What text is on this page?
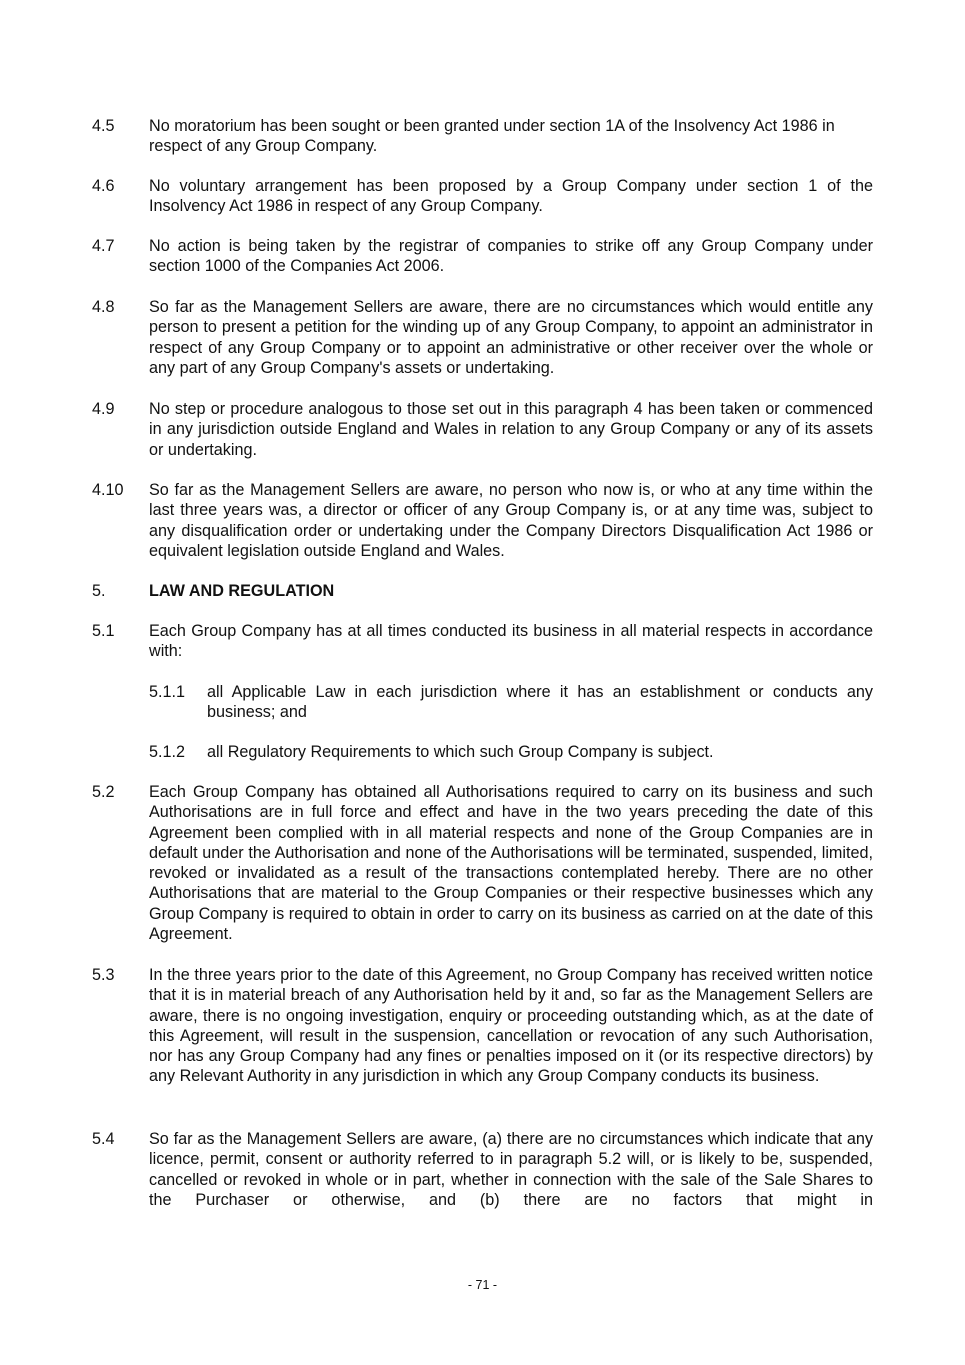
4.5	No moratorium has been sought or been granted under section 1A of the Insolvency Act 1986 in respect of any Group Company.
4.6	No voluntary arrangement has been proposed by a Group Company under section 1 of the Insolvency Act 1986 in respect of any Group Company.
4.7	No action is being taken by the registrar of companies to strike off any Group Company under section 1000 of the Companies Act 2006.
4.8	So far as the Management Sellers are aware, there are no circumstances which would entitle any person to present a petition for the winding up of any Group Company, to appoint an administrator in respect of any Group Company or to appoint an administrative or other receiver over the whole or any part of any Group Company's assets or undertaking.
4.9	No step or procedure analogous to those set out in this paragraph 4 has been taken or commenced in any jurisdiction outside England and Wales in relation to any Group Company or any of its assets or undertaking.
4.10	So far as the Management Sellers are aware, no person who now is, or who at any time within the last three years was, a director or officer of any Group Company is, or at any time was, subject to any disqualification order or undertaking under the Company Directors Disqualification Act 1986 or equivalent legislation outside England and Wales.
5.	LAW AND REGULATION
5.1	Each Group Company has at all times conducted its business in all material respects in accordance with:
5.1.1	all Applicable Law in each jurisdiction where it has an establishment or conducts any business; and
5.1.2	all Regulatory Requirements to which such Group Company is subject.
5.2	Each Group Company has obtained all Authorisations required to carry on its business and such Authorisations are in full force and effect and have in the two years preceding the date of this Agreement been complied with in all material respects and none of the Group Companies are in default under the Authorisation and none of the Authorisations will be terminated, suspended, limited, revoked or invalidated as a result of the transactions contemplated hereby. There are no other Authorisations that are material to the Group Companies or their respective businesses which any Group Company is required to obtain in order to carry on its business as carried on at the date of this Agreement.
5.3	In the three years prior to the date of this Agreement, no Group Company has received written notice that it is in material breach of any Authorisation held by it and, so far as the Management Sellers are aware, there is no ongoing investigation, enquiry or proceeding outstanding which, as at the date of this Agreement, will result in the suspension, cancellation or revocation of any such Authorisation, nor has any Group Company had any fines or penalties imposed on it (or its respective directors) by any Relevant Authority in any jurisdiction in which any Group Company conducts its business.
5.4	So far as the Management Sellers are aware, (a) there are no circumstances which indicate that any licence, permit, consent or authority referred to in paragraph 5.2 will, or is likely to be, suspended, cancelled or revoked in whole or in part, whether in connection with the sale of the Sale Shares to the Purchaser or otherwise, and (b) there are no factors that might in
- 71 -
